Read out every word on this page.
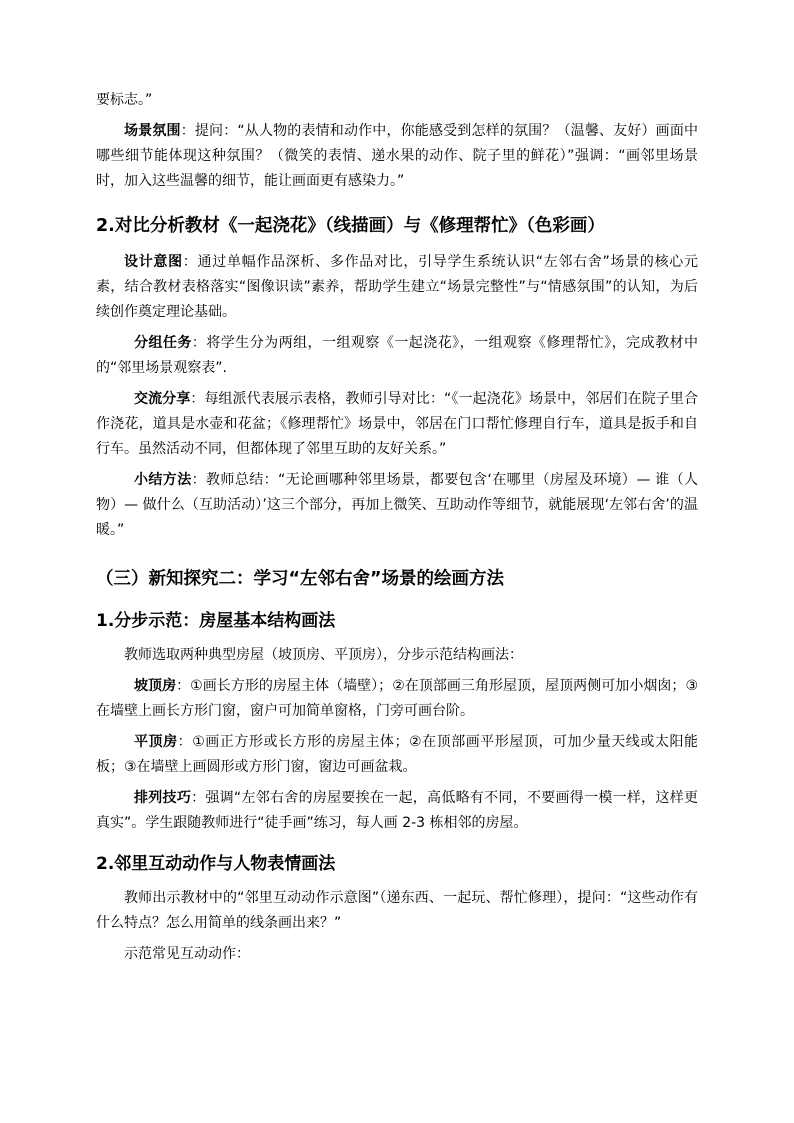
要标志。”

场景氛围：提问：“从人物的表情和动作中，你能感受到怎样的氛围？（温馨、友好）画面中哪些细节能体现这种氛围？（微笑的表情、递水果的动作、院子里的鲜花）”强调：“画邻里场景时，加入这些温馨的细节，能让画面更有感染力。”

2.对比分析教材《一起浇花》（线描画）与《修理帮忙》（色彩画）

设计意图：通过单幅作品深析、多作品对比，引导学生系统认识“左邻右舍”场景的核心元素，结合教材表格落实“图像识读”素养，帮助学生建立“场景完整性”与“情感氛围”的认知，为后续创作奠定理论基础。

分组任务：将学生分为两组，一组观察《一起浇花》，一组观察《修理帮忙》，完成教材中的“邻里场景观察表”.

交流分享：每组派代表展示表格，教师引导对比：“《一起浇花》场景中，邻居们在院子里合作浇花，道具是水壶和花盆；《修理帮忙》场景中，邻居在门口帮忙修理自行车，道具是扳手和自行车。虽然活动不同，但都体现了邻里互助的友好关系。”

小结方法：教师总结：“无论画哪种邻里场景，都要包含‘在哪里（房屋及环境）— 谁（人物）— 做什么（互助活动）’这三个部分，再加上微笑、互助动作等细节，就能展现‘左邻右舍’的温暖。”

（三）新知探究二：学习“左邻右舍”场景的绘画方法
1.分步示范：房屋基本结构画法

教师选取两种典型房屋（坡顶房、平顶房），分步示范结构画法：

坡顶房：①画长方形的房屋主体（墙壁）；②在顶部画三角形屋顶，屋顶两侧可加小烟囱；③在墙壁上画长方形门窗，窗户可加简单窗格，门旁可画台阶。

平顶房：①画正方形或长方形的房屋主体；②在顶部画平形屋顶，可加少量天线或太阳能板；③在墙壁上画圆形或方形门窗，窗边可画盆栽。

排列技巧：强调“左邻右舍的房屋要挨在一起，高低略有不同，不要画得一模一样，这样更真实”。学生跟随教师进行“徒手画”练习，每人画 2-3 栋相邻的房屋。

2.邻里互动动作与人物表情画法

教师出示教材中的“邻里互动动作示意图”（递东西、一起玩、帮忙修理），提问：“这些动作有什么特点？怎么用简单的线条画出来？”

示范常见互动动作：
